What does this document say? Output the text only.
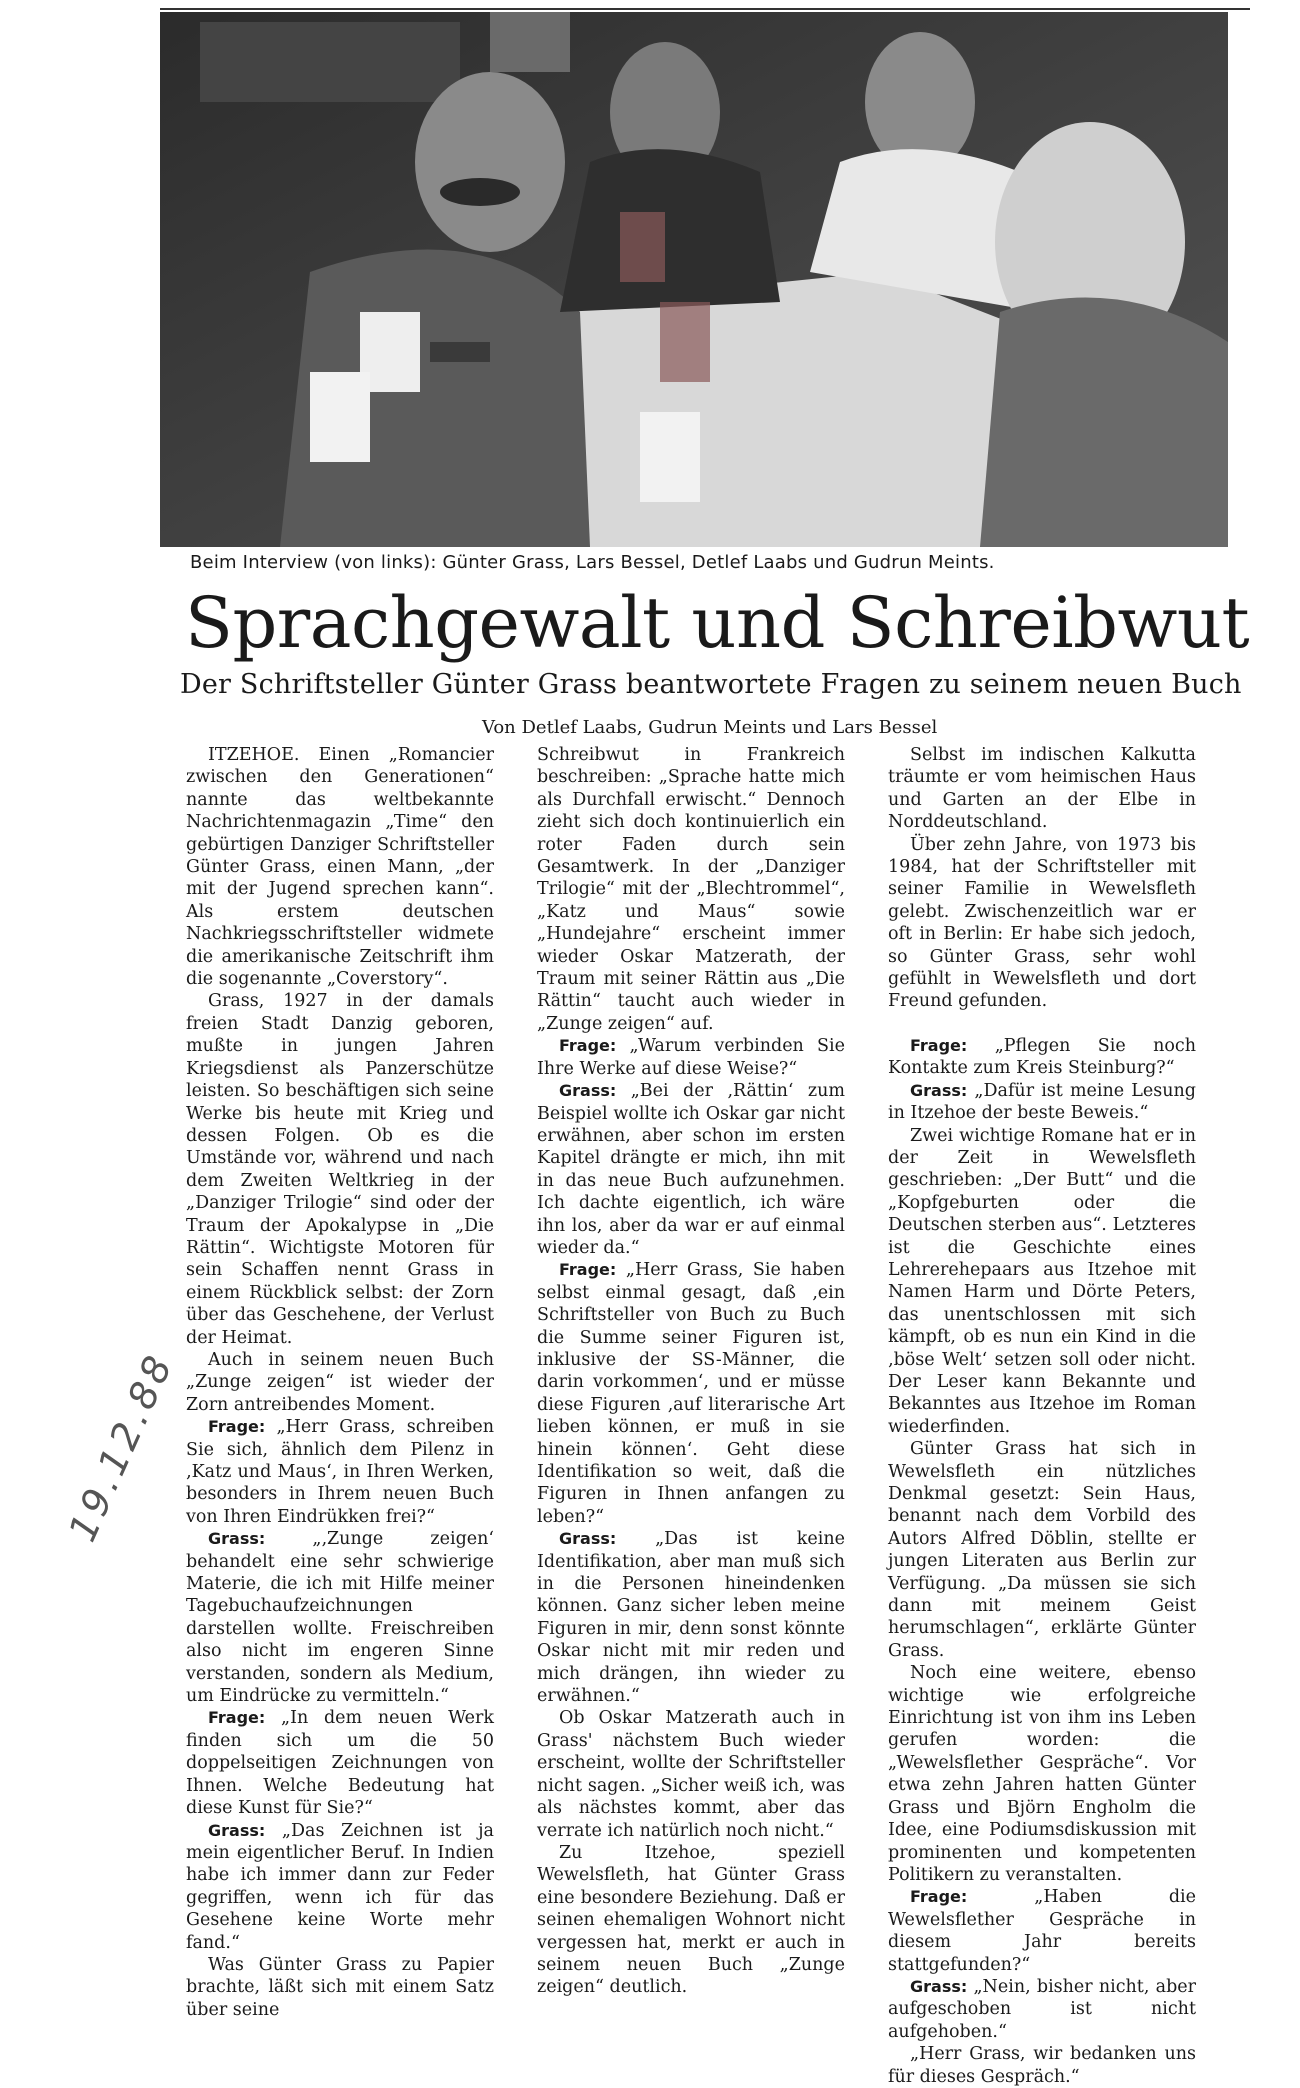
Beim Interview (von links): Günter Grass, Lars Bessel, Detlef Laabs und Gudrun Meints.
Sprachgewalt und Schreibwut
Der Schriftsteller Günter Grass beantwortete Fragen zu seinem neuen Buch
Von Detlef Laabs, Gudrun Meints und Lars Bessel

ITZEHOE. Einen „Romancier zwischen den Generationen“ nannte das weltbekannte Nachrichtenmagazin „Time“ den gebürtigen Danziger Schriftsteller Günter Grass, einen Mann, „der mit der Jugend sprechen kann“. Als erstem deutschen Nachkriegsschriftsteller widmete die amerikanische Zeitschrift ihm die sogenannte „Coverstory“.

Grass, 1927 in der damals freien Stadt Danzig geboren, mußte in jungen Jahren Kriegsdienst als Panzerschütze leisten. So beschäftigen sich seine Werke bis heute mit Krieg und dessen Folgen. Ob es die Umstände vor, während und nach dem Zweiten Weltkrieg in der „Danziger Trilogie“ sind oder der Traum der Apokalypse in „Die Rättin“. Wichtigste Motoren für sein Schaffen nennt Grass in einem Rückblick selbst: der Zorn über das Geschehene, der Verlust der Heimat.

Auch in seinem neuen Buch „Zunge zeigen“ ist wieder der Zorn antreibendes Moment.

Frage: „Herr Grass, schreiben Sie sich, ähnlich dem Pilenz in ‚Katz und Maus‘, in Ihren Werken, besonders in Ihrem neuen Buch von Ihren Eindrükken frei?“

Grass: „‚Zunge zeigen‘ behandelt eine sehr schwierige Materie, die ich mit Hilfe meiner Tagebuchaufzeichnungen darstellen wollte. Freischreiben also nicht im engeren Sinne verstanden, sondern als Medium, um Eindrücke zu vermitteln.“

Frage: „In dem neuen Werk finden sich um die 50 doppelseitigen Zeichnungen von Ihnen. Welche Bedeutung hat diese Kunst für Sie?“

Grass: „Das Zeichnen ist ja mein eigentlicher Beruf. In Indien habe ich immer dann zur Feder gegriffen, wenn ich für das Gesehene keine Worte mehr fand.“

Was Günter Grass zu Papier brachte, läßt sich mit einem Satz über seine

Schreibwut in Frankreich beschreiben: „Sprache hatte mich als Durchfall erwischt.“ Dennoch zieht sich doch kontinuierlich ein roter Faden durch sein Gesamtwerk. In der „Danziger Trilogie“ mit der „Blechtrommel“, „Katz und Maus“ sowie „Hundejahre“ erscheint immer wieder Oskar Matzerath, der Traum mit seiner Rättin aus „Die Rättin“ taucht auch wieder in „Zunge zeigen“ auf.

Frage: „Warum verbinden Sie Ihre Werke auf diese Weise?“

Grass: „Bei der ‚Rättin‘ zum Beispiel wollte ich Oskar gar nicht erwähnen, aber schon im ersten Kapitel drängte er mich, ihn mit in das neue Buch aufzunehmen. Ich dachte eigentlich, ich wäre ihn los, aber da war er auf einmal wieder da.“

Frage: „Herr Grass, Sie haben selbst einmal gesagt, daß ‚ein Schriftsteller von Buch zu Buch die Summe seiner Figuren ist, inklusive der SS-Männer, die darin vorkommen‘, und er müsse diese Figuren ‚auf literarische Art lieben können, er muß in sie hinein können‘. Geht diese Identifikation so weit, daß die Figuren in Ihnen anfangen zu leben?“

Grass: „Das ist keine Identifikation, aber man muß sich in die Personen hineindenken können. Ganz sicher leben meine Figuren in mir, denn sonst könnte Oskar nicht mit mir reden und mich drängen, ihn wieder zu erwähnen.“

Ob Oskar Matzerath auch in Grass' nächstem Buch wieder erscheint, wollte der Schriftsteller nicht sagen. „Sicher weiß ich, was als nächstes kommt, aber das verrate ich natürlich noch nicht.“

Zu Itzehoe, speziell Wewelsfleth, hat Günter Grass eine besondere Beziehung. Daß er seinen ehemaligen Wohnort nicht vergessen hat, merkt er auch in seinem neuen Buch „Zunge zeigen“ deutlich.

Selbst im indischen Kalkutta träumte er vom heimischen Haus und Garten an der Elbe in Norddeutschland.

Über zehn Jahre, von 1973 bis 1984, hat der Schriftsteller mit seiner Familie in Wewelsfleth gelebt. Zwischenzeitlich war er oft in Berlin: Er habe sich jedoch, so Günter Grass, sehr wohl gefühlt in Wewelsfleth und dort Freund gefunden.

Frage: „Pflegen Sie noch Kontakte zum Kreis Steinburg?“

Grass: „Dafür ist meine Lesung in Itzehoe der beste Beweis.“

Zwei wichtige Romane hat er in der Zeit in Wewelsfleth geschrieben: „Der Butt“ und die „Kopfgeburten oder die Deutschen sterben aus“. Letzteres ist die Geschichte eines Lehrerehepaars aus Itzehoe mit Namen Harm und Dörte Peters, das unentschlossen mit sich kämpft, ob es nun ein Kind in die ‚böse Welt‘ setzen soll oder nicht. Der Leser kann Bekannte und Bekanntes aus Itzehoe im Roman wiederfinden.

Günter Grass hat sich in Wewelsfleth ein nützliches Denkmal gesetzt: Sein Haus, benannt nach dem Vorbild des Autors Alfred Döblin, stellte er jungen Literaten aus Berlin zur Verfügung. „Da müssen sie sich dann mit meinem Geist herumschlagen“, erklärte Günter Grass.

Noch eine weitere, ebenso wichtige wie erfolgreiche Einrichtung ist von ihm ins Leben gerufen worden: die „Wewelsflether Gespräche“. Vor etwa zehn Jahren hatten Günter Grass und Björn Engholm die Idee, eine Podiumsdiskussion mit prominenten und kompetenten Politikern zu veranstalten.

Frage: „Haben die Wewelsflether Gespräche in diesem Jahr bereits stattgefunden?“

Grass: „Nein, bisher nicht, aber aufgeschoben ist nicht aufgehoben.“

„Herr Grass, wir bedanken uns für dieses Gespräch.“

19.12.88
